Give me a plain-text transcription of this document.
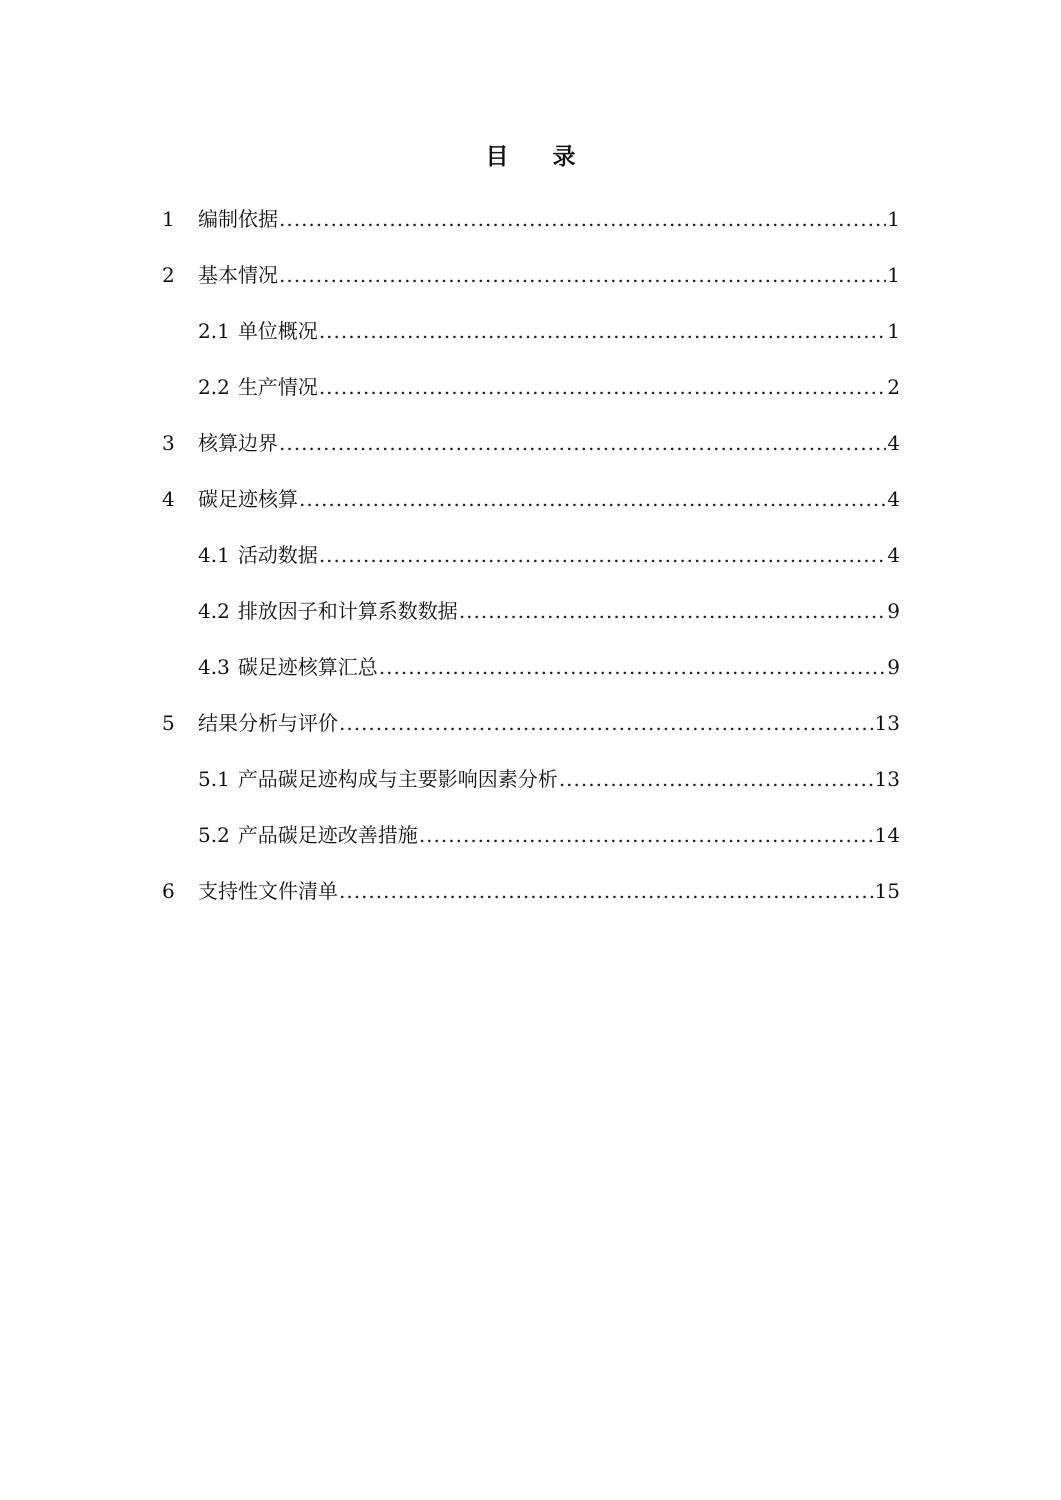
目 录
1	编制依据 .....	1
2	基本情况 .....	1
2.1 单位概况 .....	1
2.2 生产情况 .....	2
3	核算边界 .....	4
4	碳足迹核算 .....	4
4.1 活动数据 .....	4
4.2 排放因子和计算系数数据 .....	9
4.3 碳足迹核算汇总 .....	9
5	结果分析与评价 .....	13
5.1 产品碳足迹构成与主要影响因素分析 .....	13
5.2 产品碳足迹改善措施 .....	14
6	支持性文件清单 .....	15
